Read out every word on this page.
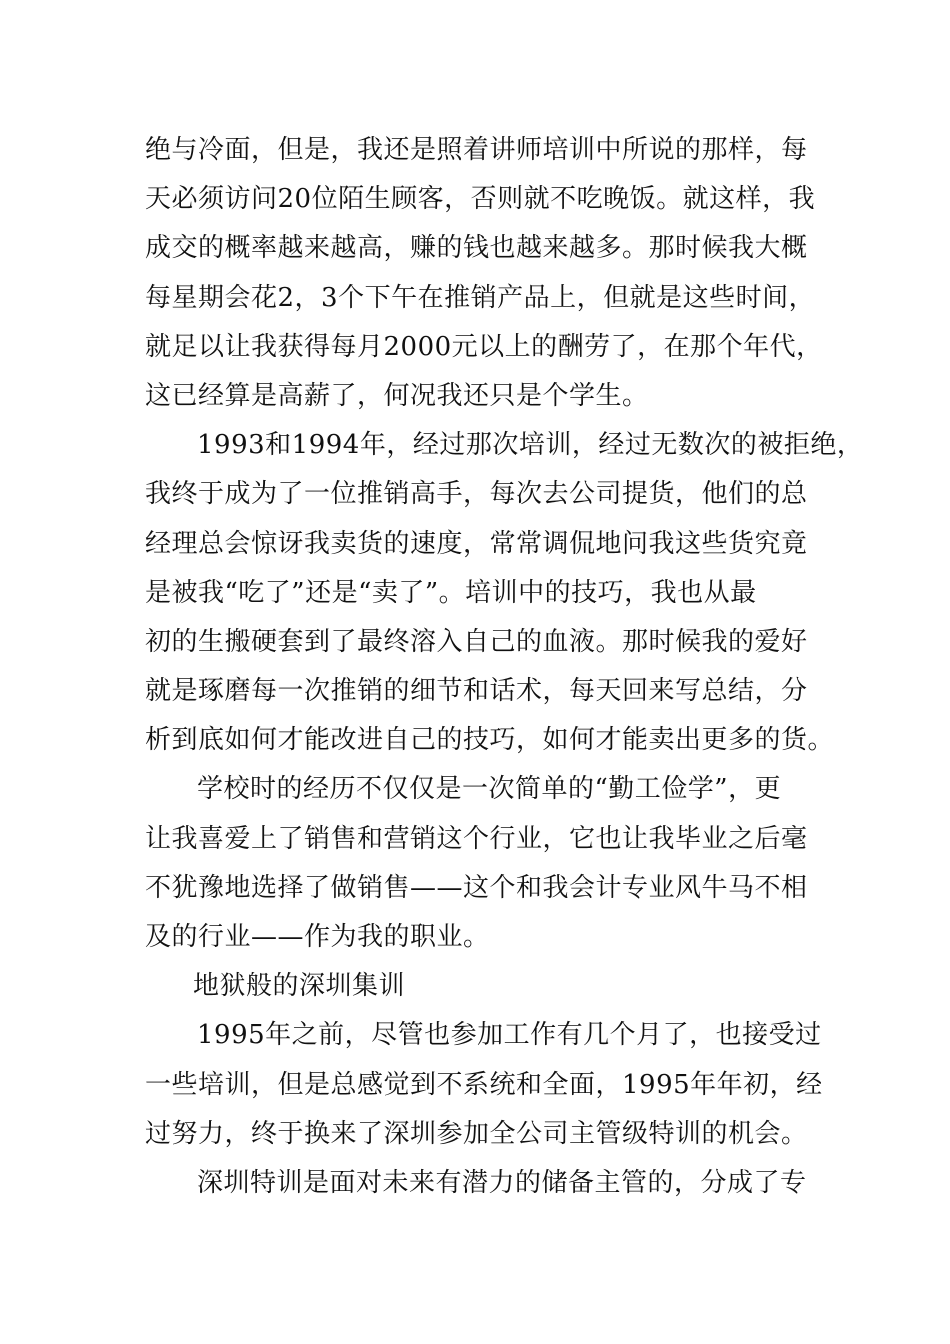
绝与冷面，但是，我还是照着讲师培训中所说的那样，每
天必须访问20位陌生顾客，否则就不吃晚饭。就这样，我
成交的概率越来越高，赚的钱也越来越多。那时候我大概
每星期会花2，3个下午在推销产品上，但就是这些时间，
就足以让我获得每月2000元以上的酬劳了，在那个年代，
这已经算是高薪了，何况我还只是个学生。
1993和1994年，经过那次培训，经过无数次的被拒绝，
我终于成为了一位推销高手，每次去公司提货，他们的总
经理总会惊讶我卖货的速度，常常调侃地问我这些货究竟
是被我“吃了”还是“卖了”。培训中的技巧，我也从最
初的生搬硬套到了最终溶入自己的血液。那时候我的爱好
就是琢磨每一次推销的细节和话术，每天回来写总结，分
析到底如何才能改进自己的技巧，如何才能卖出更多的货。
学校时的经历不仅仅是一次简单的“勤工俭学”，更
让我喜爱上了销售和营销这个行业，它也让我毕业之后毫
不犹豫地选择了做销售——这个和我会计专业风牛马不相
及的行业——作为我的职业。
地狱般的深圳集训
1995年之前，尽管也参加工作有几个月了，也接受过
一些培训，但是总感觉到不系统和全面，1995年年初，经
过努力，终于换来了深圳参加全公司主管级特训的机会。
深圳特训是面对未来有潜力的储备主管的，分成了专
